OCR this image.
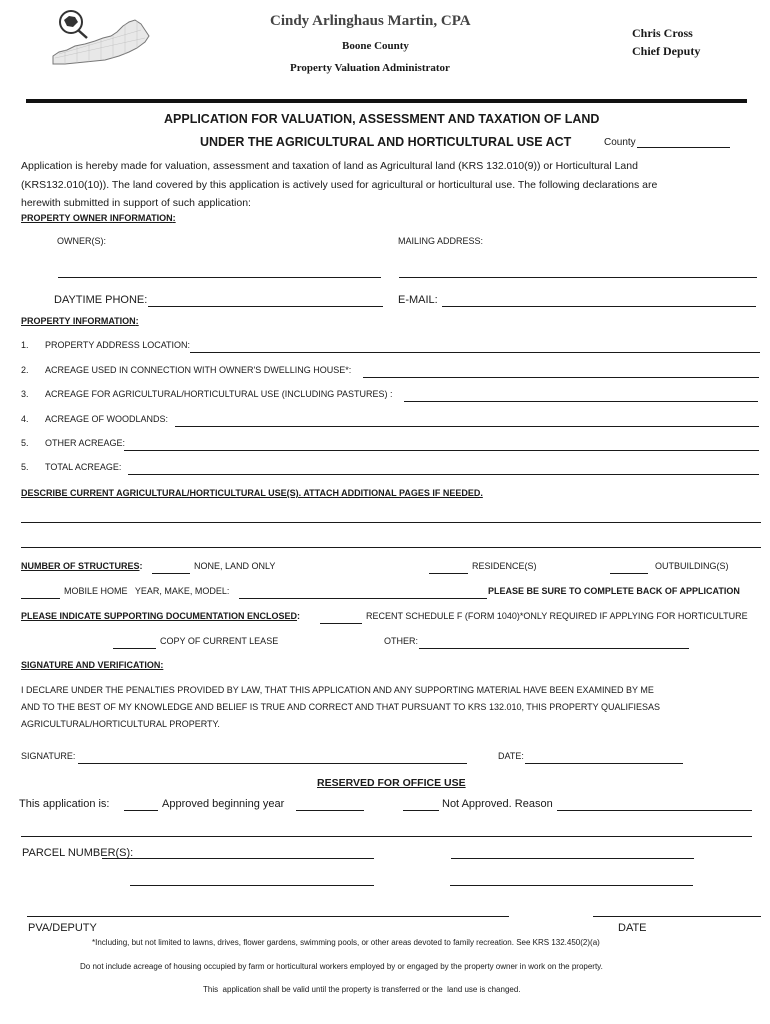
Cindy Arlinghaus Martin, CPA
Boone County
Property Valuation Administrator
Chris Cross
Chief Deputy
APPLICATION FOR VALUATION, ASSESSMENT AND TAXATION OF LAND
UNDER THE AGRICULTURAL AND HORTICULTURAL USE ACT	County
Application is hereby made for valuation, assessment and taxation of land as Agricultural land (KRS 132.010(9)) or Horticultural Land
(KRS132.010(10)). The land covered by this application is actively used for agricultural or horticultural use. The following declarations are
herewith submitted in support of such application:
PROPERTY OWNER INFORMATION:
OWNER(S):	MAILING ADDRESS:
DAYTIME PHONE:	E-MAIL:
PROPERTY INFORMATION:
1. PROPERTY ADDRESS LOCATION:
2. ACREAGE USED IN CONNECTION WITH OWNER'S DWELLING HOUSE*:
3. ACREAGE FOR AGRICULTURAL/HORTICULTURAL USE (INCLUDING PASTURES) :
4. ACREAGE OF WOODLANDS:
5. OTHER ACREAGE:
5. TOTAL ACREAGE:
DESCRIBE CURRENT AGRICULTURAL/HORTICULTURAL USE(S). ATTACH ADDITIONAL PAGES IF NEEDED.
NUMBER OF STRUCTURES:	NONE, LAND ONLY	RESIDENCE(S)	OUTBUILDING(S)
MOBILE HOME   YEAR, MAKE, MODEL:	PLEASE BE SURE TO COMPLETE BACK OF APPLICATION
PLEASE INDICATE SUPPORTING DOCUMENTATION ENCLOSED:	RECENT SCHEDULE F (FORM 1040)*ONLY REQUIRED IF APPLYING FOR HORTICULTURE
COPY OF CURRENT LEASE	OTHER:
SIGNATURE AND VERIFICATION:
I DECLARE UNDER THE PENALTIES PROVIDED BY LAW, THAT THIS APPLICATION AND ANY SUPPORTING MATERIAL HAVE BEEN EXAMINED BY ME
AND TO THE BEST OF MY KNOWLEDGE AND BELIEF IS TRUE AND CORRECT AND THAT PURSUANT TO KRS 132.010, THIS PROPERTY QUALIFIESAS
AGRICULTURAL/HORTICULTURAL PROPERTY.
SIGNATURE:	DATE:
RESERVED FOR OFFICE USE
This application is:	Approved beginning year	Not Approved. Reason
PARCEL NUMBER(S):
PVA/DEPUTY	DATE
*Including, but not limited to lawns, drives, flower gardens, swimming pools, or other areas devoted to family recreation. See KRS 132.450(2)(a)
Do not include acreage of housing occupied by farm or horticultural workers employed by or engaged by the property owner in work on the property.
This  application shall be valid until the property is transferred or the  land use is changed.
